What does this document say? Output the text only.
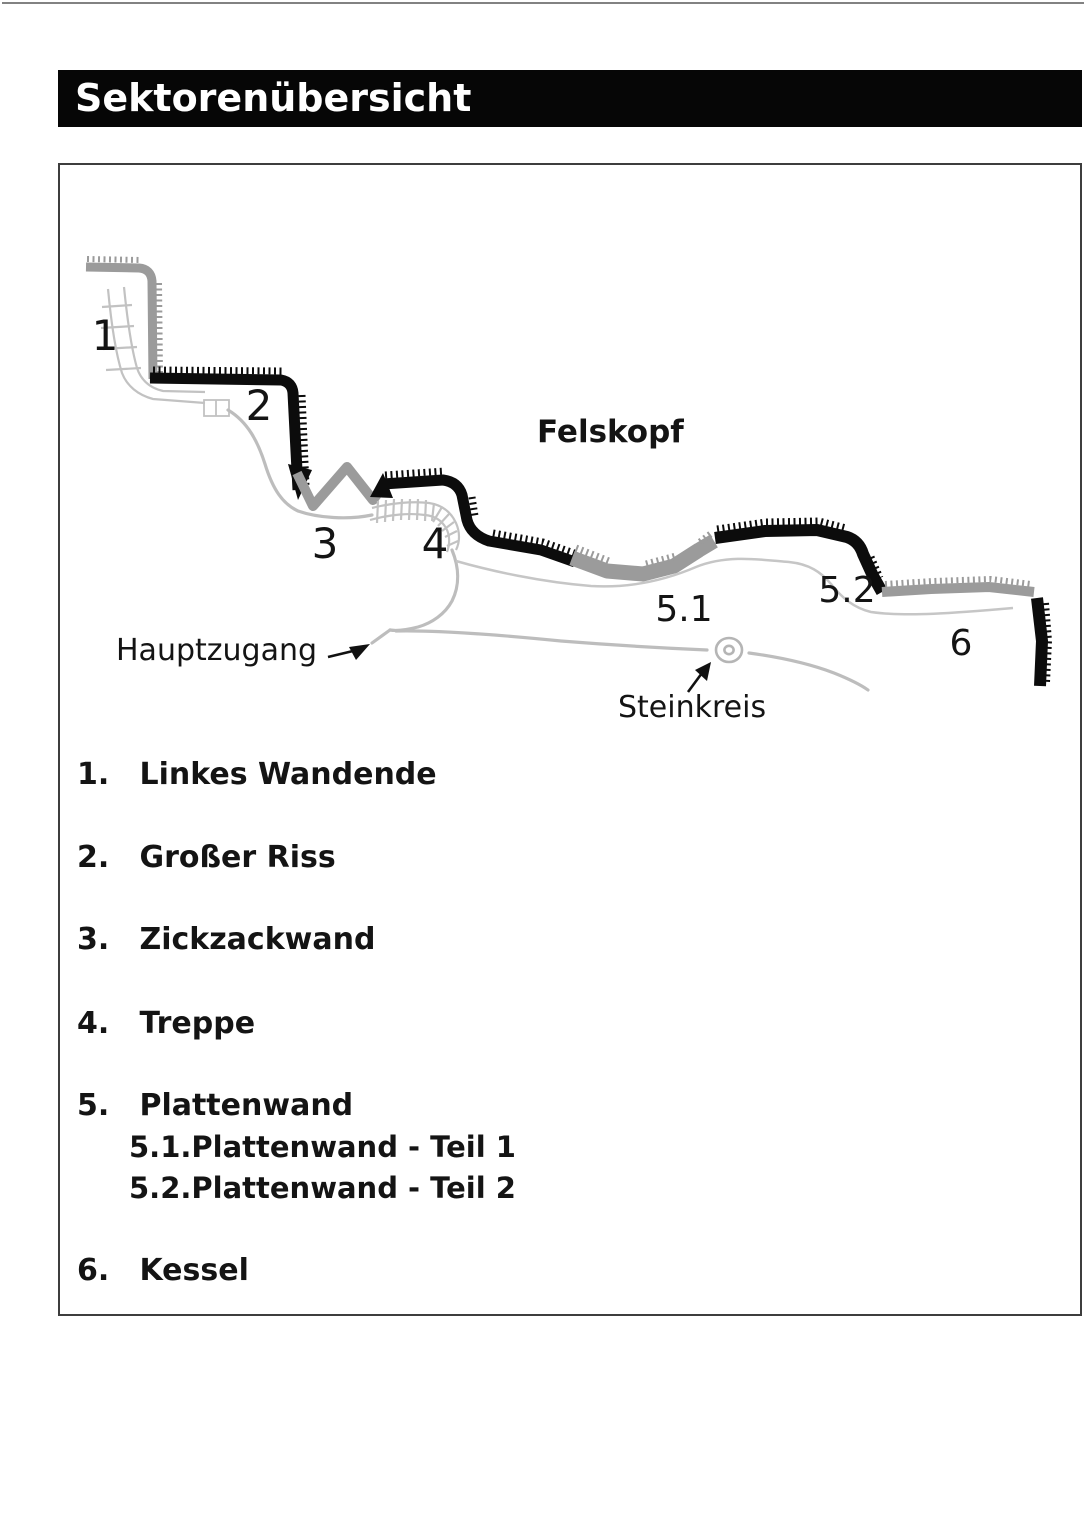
Sektorenübersicht
1
2
3 4
5.1	5.2
6
Felskopf
Hauptzugang
Steinkreis
1. Linkes Wandende
2. Großer Riss
3. Zickzackwand
4. Treppe
5. Plattenwand
5.1.Plattenwand - Teil 1
5.2.Plattenwand - Teil 2
6. Kessel
